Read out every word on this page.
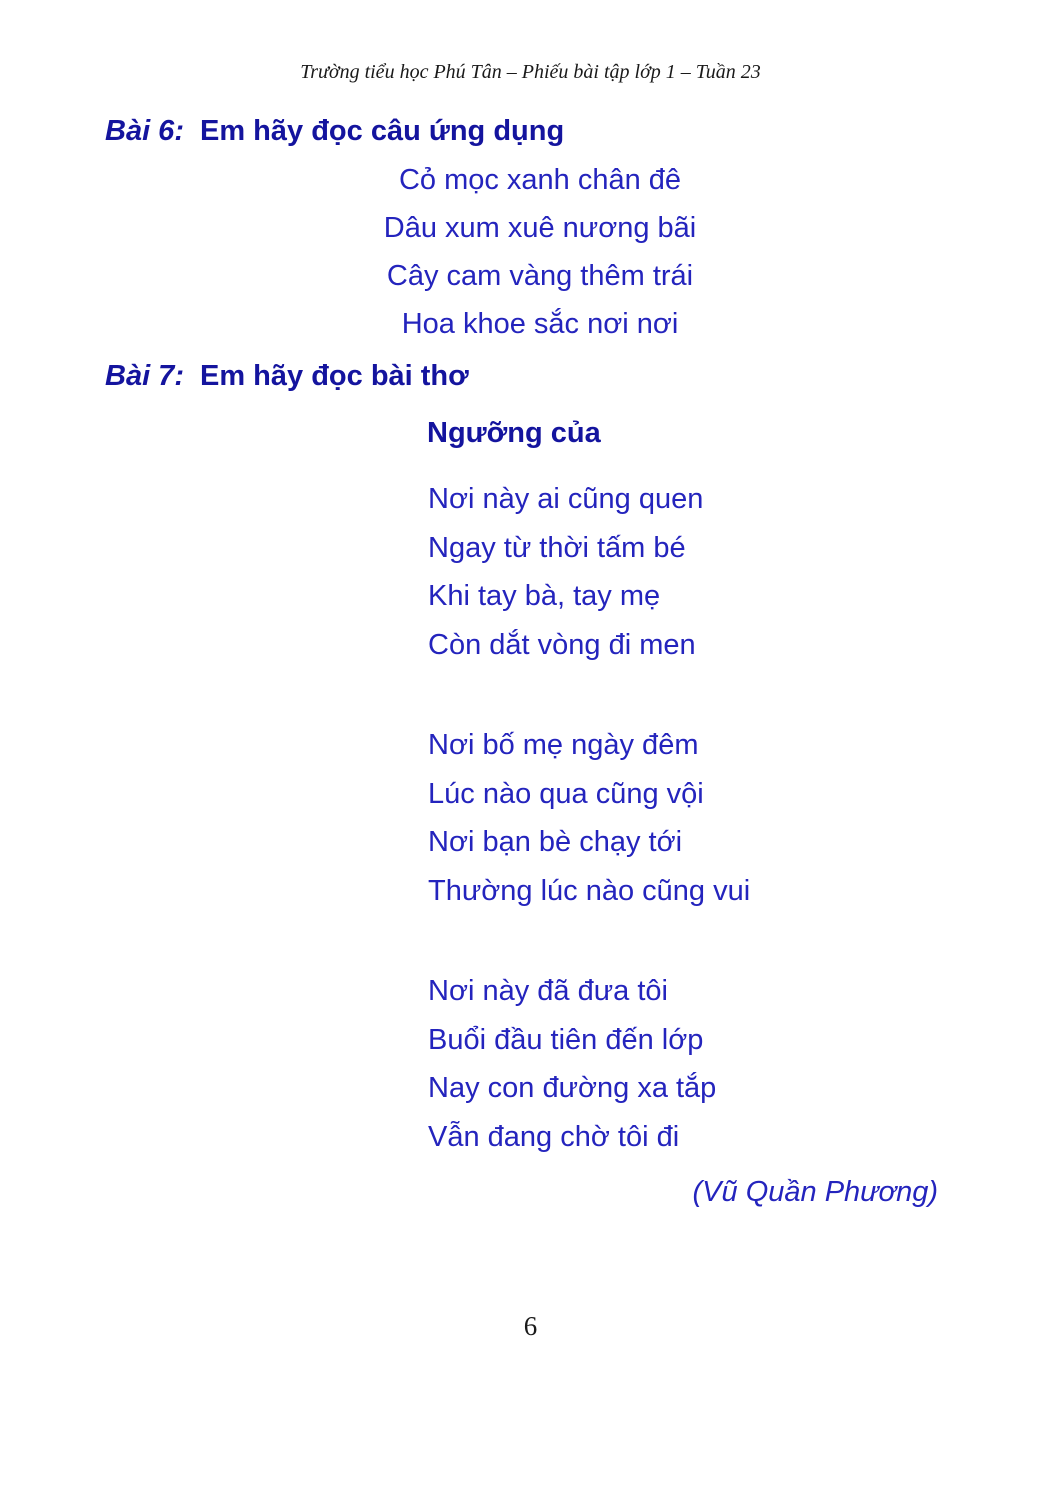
Trường tiểu học Phú Tân – Phiếu bài tập lớp 1 – Tuần 23
Bài 6: Em hãy đọc câu ứng dụng
Cỏ mọc xanh chân đê
Dâu xum xuê nương bãi
Cây cam vàng thêm trái
Hoa khoe sắc nơi nơi
Bài 7: Em hãy đọc bài thơ
Ngưỡng của
Nơi này ai cũng quen
Ngay từ thời tấm bé
Khi tay bà, tay mẹ
Còn dắt vòng đi men
Nơi bố mẹ ngày đêm
Lúc nào qua cũng vội
Nơi bạn bè chạy tới
Thường lúc nào cũng vui
Nơi này đã đưa tôi
Buổi đầu tiên đến lớp
Nay con đường xa tắp
Vẫn đang chờ tôi đi
(Vũ Quần Phương)
6
